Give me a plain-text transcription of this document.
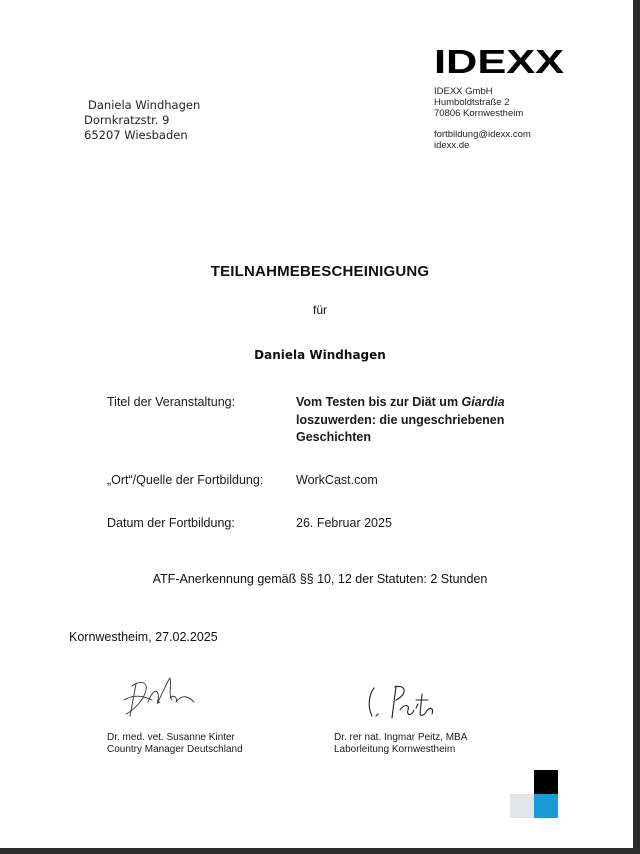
IDEXX
IDEXX GmbH
Humboldtstraße 2
70806 Kornwestheim
fortbildung@idexx.com
idexx.de
Daniela Windhagen
Dornkratzstr. 9
65207 Wiesbaden
TEILNAHMEBESCHEINIGUNG
für
Daniela Windhagen
Titel der Veranstaltung:	Vom Testen bis zur Diät um Giardia
loszuwerden: die ungeschriebenen
Geschichten
„Ort“/Quelle der Fortbildung:	WorkCast.com
Datum der Fortbildung:	26. Februar 2025
ATF-Anerkennung gemäß §§ 10, 12 der Statuten: 2 Stunden
Kornwestheim, 27.02.2025
Dr. med. vet. Susanne Kinter
Country Manager Deutschland
Dr. rer nat. Ingmar Peitz, MBA
Laborleitung Kornwestheim
